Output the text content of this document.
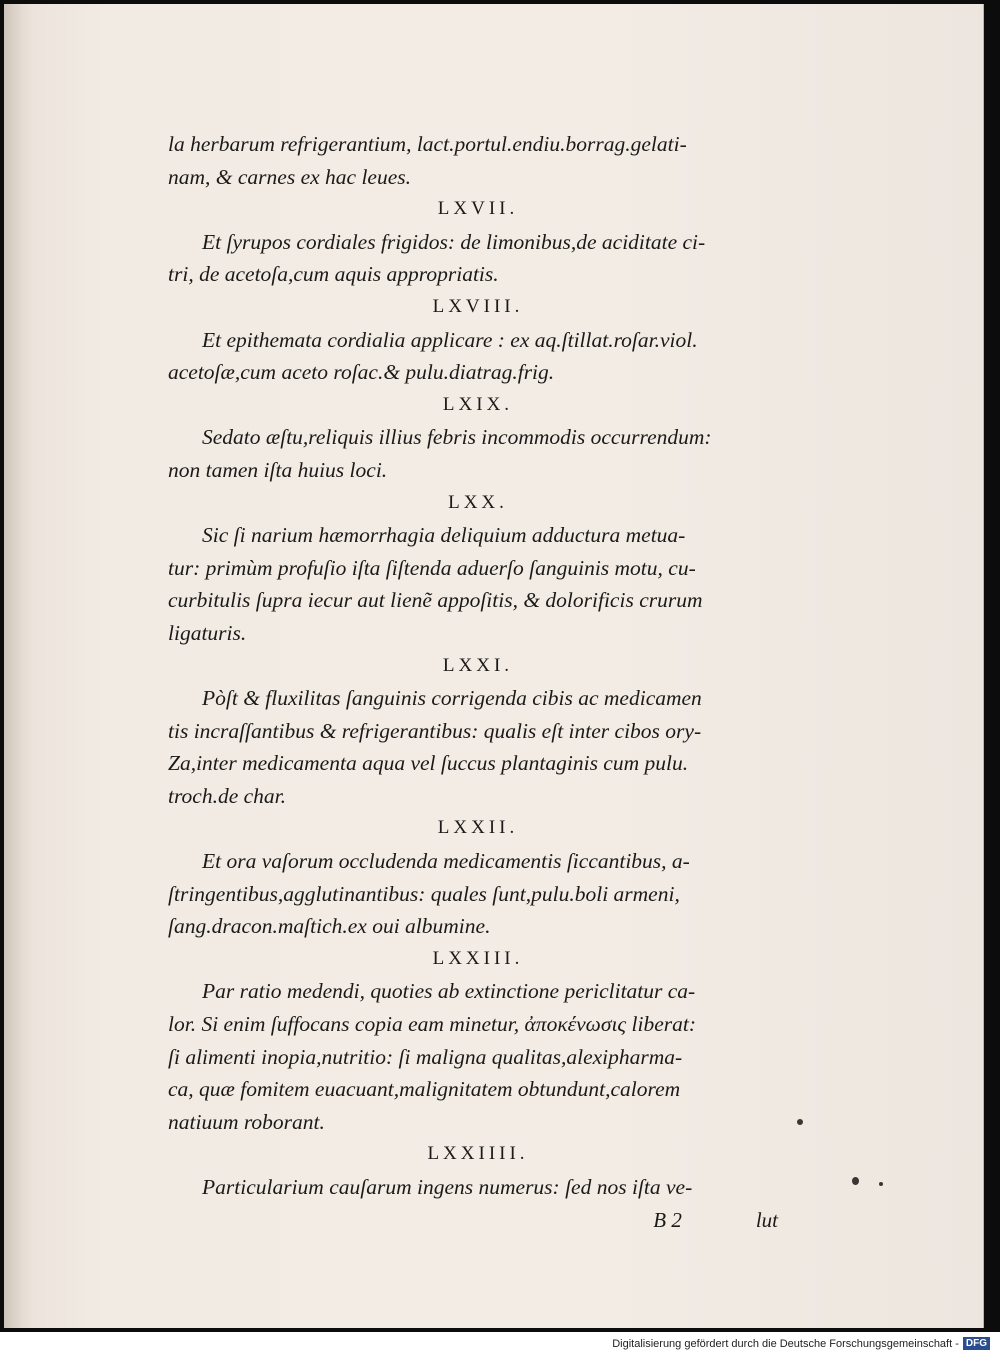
la herbarum refrigerantium, lact.portul.endiu.borrag.gelati-
nam, & carnes ex hac leues.
LXVII.
Et ſyrupos cordiales frigidos: de limonibus,de aciditate ci-
tri, de acetoſa,cum aquis appropriatis.
LXVIII.
Et epithemata cordialia applicare : ex aq.ſtillat.roſar.viol.
acetoſæ,cum aceto roſac.& pulu.diatrag.frig.
LXIX.
Sedato æſtu,reliquis illius febris incommodis occurrendum:
non tamen iſta huius loci.
LXX.
Sic ſi narium hæmorrhagia deliquium adductura metua-
tur: primùm profuſio iſta ſiſtenda aduerſo ſanguinis motu, cu-
curbitulis ſupra iecur aut lienẽ appoſitis, & dolorificis crurum
ligaturis.
LXXI.
Pòſt & fluxilitas ſanguinis corrigenda cibis ac medicamen
tis incraſſantibus & refrigerantibus: qualis eſt inter cibos ory-
Za,inter medicamenta aqua vel ſuccus plantaginis cum pulu.
troch.de char.
LXXII.
Et ora vaſorum occludenda medicamentis ſiccantibus, a-
ſtringentibus,agglutinantibus: quales ſunt,pulu.boli armeni,
ſang.dracon.maſtich.ex oui albumine.
LXXIII.
Par ratio medendi, quoties ab extinctione periclitatur ca-
lor. Si enim ſuffocans copia eam minetur, ἀποκένωσις liberat:
ſi alimenti inopia,nutritio: ſi maligna qualitas,alexipharma-
ca, quæ fomitem euacuant,malignitatem obtundunt,calorem
natiuum roborant.
LXXIIII.
Particularium cauſarum ingens numerus: ſed nos iſta ve-
B 2	lut
Digitalisierung gefördert durch die Deutsche Forschungsgemeinschaft - DFG
